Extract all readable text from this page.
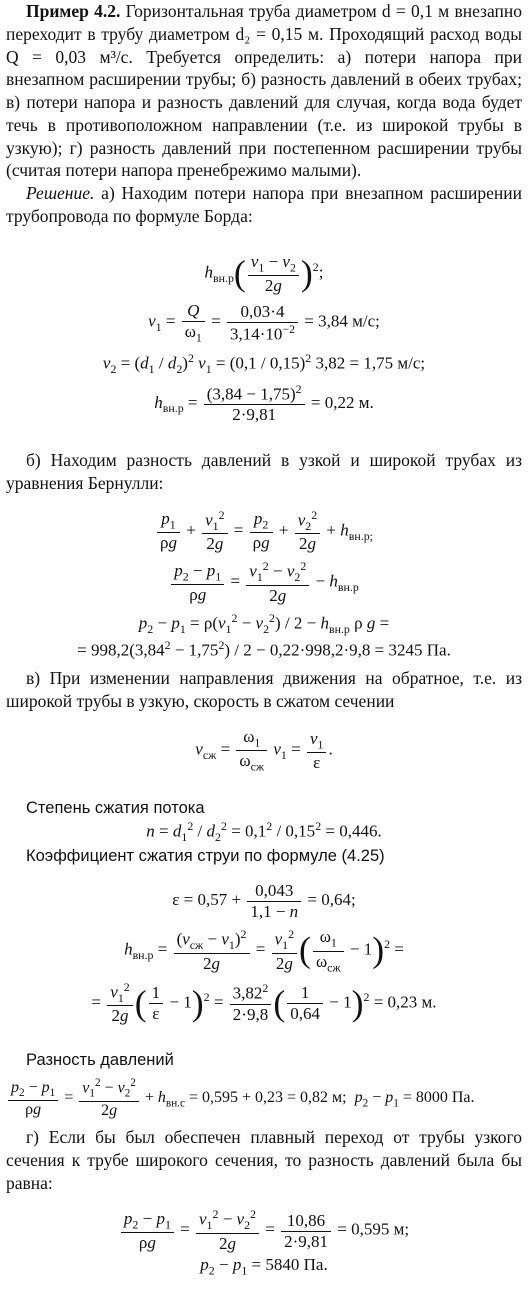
Пример 4.2. Горизонтальная труба диаметром d = 0,1 м внезапно переходит в трубу диаметром d₂ = 0,15 м. Проходящий расход воды Q = 0,03 м³/с. Требуется определить: а) потери напора при внезапном расширении трубы; б) разность давлений в обеих трубах; в) потери напора и разность давлений для случая, когда вода будет течь в противоположном направлении (т.е. из широкой трубы в узкую); г) разность давлений при постепенном расширении трубы (считая потери напора пренебрежимо малыми).

Решение. а) Находим потери напора при внезапном расширении трубопровода по формуле Борда:

$h_{вн.р}( \frac{v_1 - v_2}{2g} )^2$;
$v_1 = \frac{Q}{\omega_1} = \frac{0,03\cdot 4}{3,14\cdot 10^{-2}} = 3,84$ м/с;
$v_2 = (d_1 / d_2)^2$ $v_1 = (0,1 / 0,15)^2$ 3,82 = 1,75 м/с;
$h_{вн.р} = \frac{(3,84 - 1,75)^2}{2\cdot 9,81} = 0,22$ м.

б) Находим разность давлений в узкой и широкой трубах из уравнения Бернулли:

$\frac{p_1}{\rho g} + \frac{v_1^2}{2g} = \frac{p_2}{\rho g} + \frac{v_2^2}{2g} + h_{вн.р;}$
$\frac{p_2 - p_1}{\rho g} = \frac{v_1^2 - v_2^2}{2g} - h_{вн.р}$
$p_2 - p_1 = \rho(v_1^2 - v_2^2) / 2 - h_{вн.р}$ ρ g =
= $998,2(3,84^2 - 1,75^2) / 2 - 0,22\cdot 998,2\cdot 9,8 = 3245$ Па.

в) При изменении направления движения на обратное, т.е. из широкой трубы в узкую, скорость в сжатом сечении

$v_{сж} = \frac{\omega_1}{\omega_{сж}} v_1 = \frac{v_1}{\varepsilon}$ .

Степень сжатия потока

$n = d_1^2 / d_2^2 = 0,1^2 / 0,15^2 = 0,446$.

Коэффициент сжатия струи по формуле (4.25)

$\varepsilon = 0,57 + \frac{0,043}{1,1 - n} = 0,64$;
$h_{вн.р} = \frac{(v_{сж} - v_1)^2}{2g} = \frac{v_1^2}{2g}$ ( $\frac{\omega_1}{\omega_{сж}} - 1)^2$ =
= $\frac{v_1^2}{2g}$ ( $\frac{1}{\varepsilon} - 1)^2 = \frac{3,82^2}{2\cdot 9,8}$ ( $\frac{1}{0,64} - 1)^2 = 0,23$ м.

Разность давлений

$\frac{p_2 - p_1}{\rho g} = \frac{v_1^2 - v_2^2}{2g} + h_{вн.с} = 0,595 + 0,23 = 0,82$ м; $p_2 - p_1 = 8000$ Па.

г) Если бы был обеспечен плавный переход от трубы узкого сечения к трубе широкого сечения, то разность давлений была бы равна:

$\frac{p_2 - p_1}{\rho g} = \frac{v_1^2 - v_2^2}{2g} = \frac{10,86}{2\cdot 9,81} = 0,595$ м;
$p_2 - p_1 = 5840$ Па.
